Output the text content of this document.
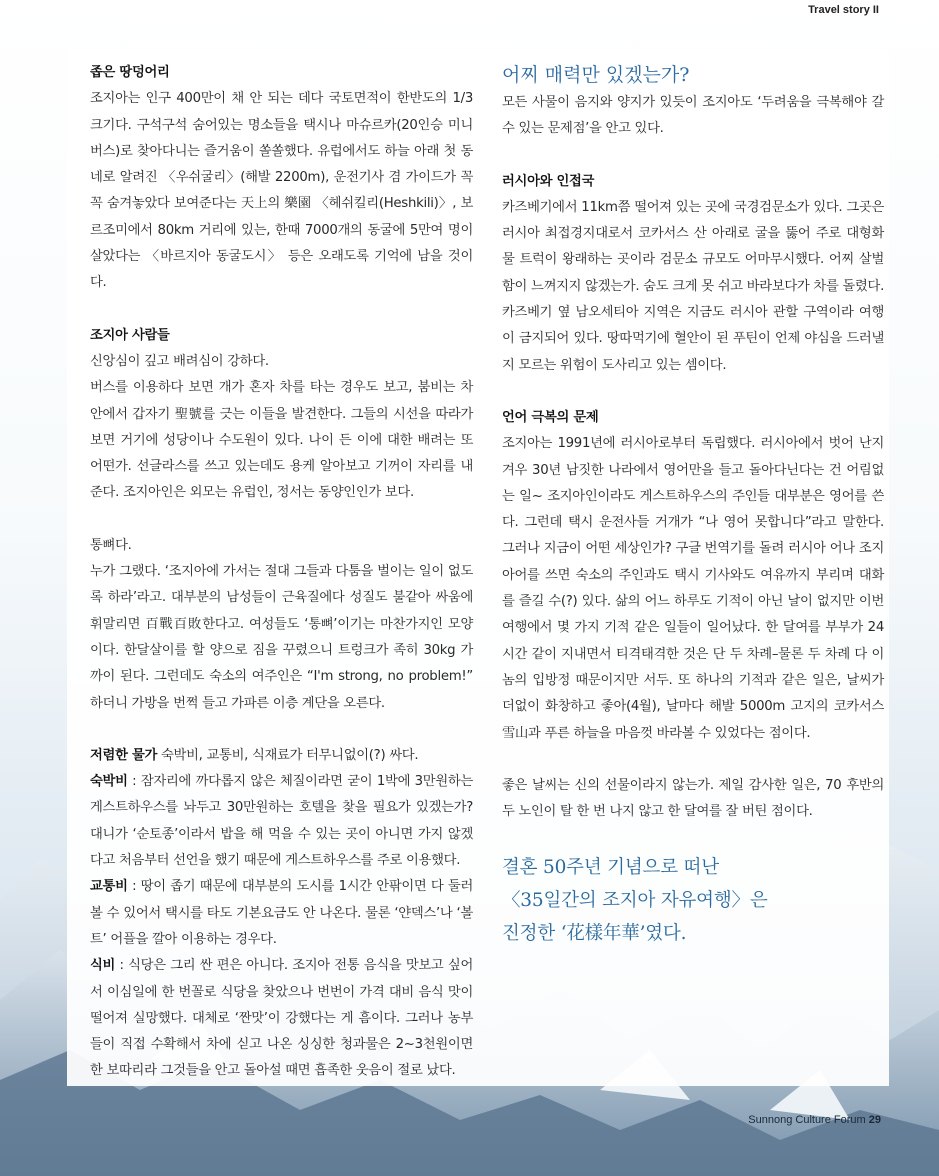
Travel story II

좁은 땅덩어리

조지아는 인구 400만이 채 안 되는 데다 국토면적이 한반도의 1/3 크기다. 구석구석 숨어있는 명소들을 택시나 마슈르카(20인승 미니버스)로 찾아다니는 즐거움이 쏠쏠했다. 유럽에서도 하늘 아래 첫 동네로 알려진 〈우쉬굴리〉(해발 2200m), 운전기사 겸 가이드가 꼭꼭 숨겨놓았다 보여준다는 天上의 樂園 〈헤쉬킬리(Heshkili)〉, 보르조미에서 80km 거리에 있는, 한때 7000개의 동굴에 5만여 명이 살았다는 〈바르지아 동굴도시〉 등은 오래도록 기억에 남을 것이다.

조지아 사람들

신앙심이 깊고 배려심이 강하다.

버스를 이용하다 보면 개가 혼자 차를 타는 경우도 보고, 붐비는 차 안에서 갑자기 聖號를 긋는 이들을 발견한다. 그들의 시선을 따라가 보면 거기에 성당이나 수도원이 있다. 나이 든 이에 대한 배려는 또 어떤가. 선글라스를 쓰고 있는데도 용케 알아보고 기꺼이 자리를 내준다. 조지아인은 외모는 유럽인, 정서는 동양인인가 보다.

통뼈다.

누가 그랬다. ‘조지아에 가서는 절대 그들과 다툼을 벌이는 일이 없도록 하라’라고. 대부분의 남성들이 근육질에다 성질도 불같아 싸움에 휘말리면 百戰百敗한다고. 여성들도 ‘통뼈’이기는 마찬가지인 모양이다. 한달살이를 할 양으로 짐을 꾸렸으니 트렁크가 족히 30kg 가까이 된다. 그런데도 숙소의 여주인은 “I'm strong, no problem!” 하더니 가방을 번쩍 들고 가파른 이층 계단을 오른다.

저렴한 물가 숙박비, 교통비, 식재료가 터무니없이(?) 싸다.

숙박비 : 잠자리에 까다롭지 않은 체질이라면 굳이 1박에 3만원하는 게스트하우스를 놔두고 30만원하는 호텔을 찾을 필요가 있겠는가? 대니가 ‘순토종’이라서 밥을 해 먹을 수 있는 곳이 아니면 가지 않겠다고 처음부터 선언을 했기 때문에 게스트하우스를 주로 이용했다.

교통비 : 땅이 좁기 때문에 대부분의 도시를 1시간 안팎이면 다 둘러볼 수 있어서 택시를 타도 기본요금도 안 나온다. 물론 ‘얀덱스’나 ‘볼트’ 어플을 깔아 이용하는 경우다.

식비 : 식당은 그리 싼 편은 아니다. 조지아 전통 음식을 맛보고 싶어서 이심일에 한 번꼴로 식당을 찾았으나 번번이 가격 대비 음식 맛이 떨어져 실망했다. 대체로 ‘짠맛’이 강했다는 게 흠이다. 그러나 농부들이 직접 수확해서 차에 싣고 나온 싱싱한 청과물은 2~3천원이면 한 보따리라 그것들을 안고 돌아설 때면 흡족한 웃음이 절로 났다.

어찌 매력만 있겠는가?

모든 사물이 음지와 양지가 있듯이 조지아도 ‘두려움을 극복해야 갈 수 있는 문제점’을 안고 있다.

러시아와 인접국

카즈베기에서 11km쯤 떨어져 있는 곳에 국경검문소가 있다. 그곳은 러시아 최접경지대로서 코카서스 산 아래로 굴을 뚫어 주로 대형화물 트럭이 왕래하는 곳이라 검문소 규모도 어마무시했다. 어찌 살벌함이 느껴지지 않겠는가. 숨도 크게 못 쉬고 바라보다가 차를 돌렸다. 카즈베기 옆 남오세티아 지역은 지금도 러시아 관할 구역이라 여행이 금지되어 있다. 땅따먹기에 혈안이 된 푸틴이 언제 야심을 드러낼지 모르는 위험이 도사리고 있는 셈이다.

언어 극복의 문제

조지아는 1991년에 러시아로부터 독립했다. 러시아에서 벗어 난지 겨우 30년 남짓한 나라에서 영어만을 들고 돌아다닌다는 건 어림없는 일~ 조지아인이라도 게스트하우스의 주인들 대부분은 영어를 쓴다. 그런데 택시 운전사들 거개가 “나 영어 못합니다”라고 말한다. 그러나 지금이 어떤 세상인가? 구글 번역기를 돌려 러시아 어나 조지아어를 쓰면 숙소의 주인과도 택시 기사와도 여유까지 부리며 대화를 즐길 수(?) 있다. 삶의 어느 하루도 기적이 아닌 날이 없지만 이번 여행에서 몇 가지 기적 같은 일들이 일어났다. 한 달여를 부부가 24시간 같이 지내면서 티격태격한 것은 단 두 차례–물론 두 차례 다 이놈의 입방정 때문이지만 서두. 또 하나의 기적과 같은 일은, 날씨가 더없이 화창하고 좋아(4월), 날마다 해발 5000m 고지의 코카서스 雪山과 푸른 하늘을 마음껏 바라볼 수 있었다는 점이다.

좋은 날씨는 신의 선물이라지 않는가. 제일 감사한 일은, 70 후반의 두 노인이 탈 한 번 나지 않고 한 달여를 잘 버틴 점이다.

결혼 50주년 기념으로 떠난

〈35일간의 조지아 자유여행〉은

진정한 ‘花樣年華’였다.

Sunnong Culture Forum 29
